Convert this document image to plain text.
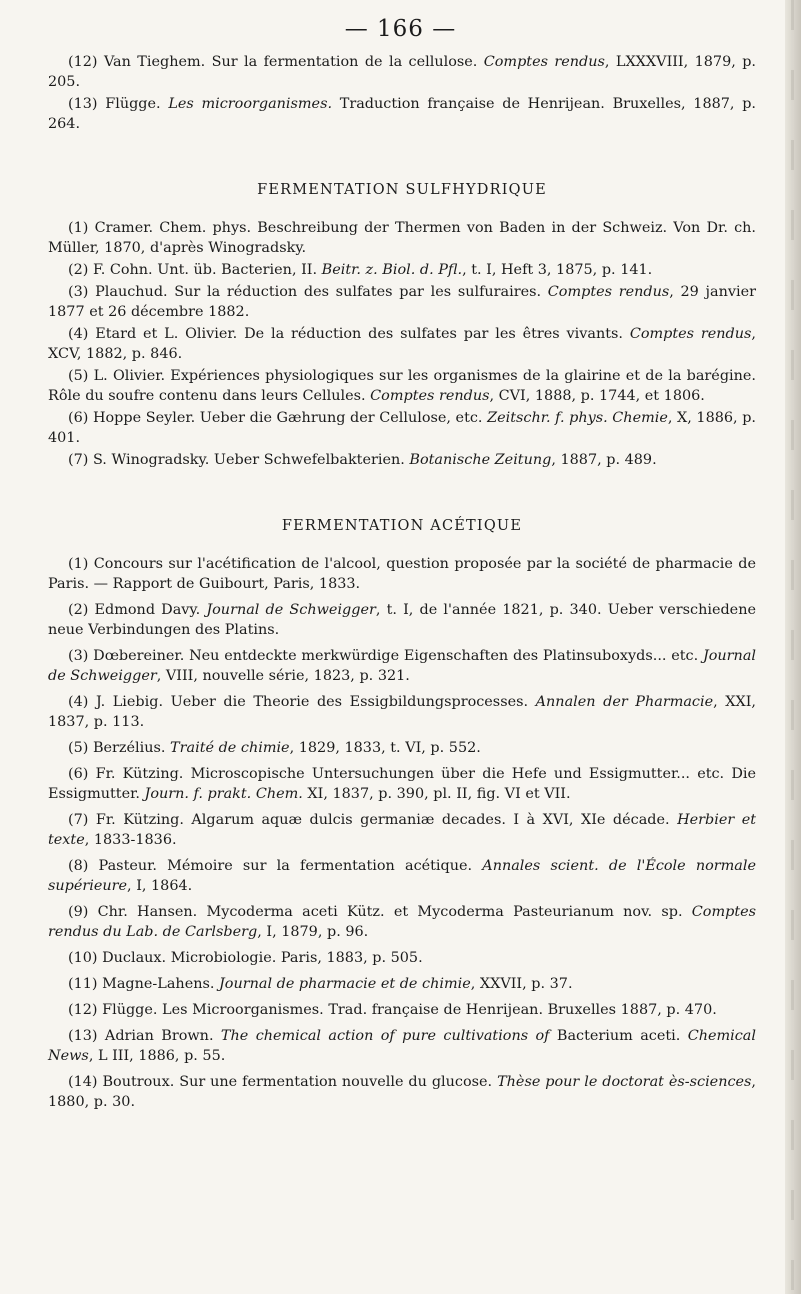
— 166 —

(12) Van Tieghem. Sur la fermentation de la cellulose. Comptes rendus, LXXXVIII, 1879, p. 205.

(13) Flügge. Les microorganismes. Traduction française de Henrijean. Bruxelles, 1887, p. 264.

FERMENTATION SULFHYDRIQUE

(1) Cramer. Chem. phys. Beschreibung der Thermen von Baden in der Schweiz. Von Dr. ch. Müller, 1870, d'après Winogradsky.

(2) F. Cohn. Unt. üb. Bacterien, II. Beitr. z. Biol. d. Pfl., t. I, Heft 3, 1875, p. 141.

(3) Plauchud. Sur la réduction des sulfates par les sulfuraires. Comptes rendus, 29 janvier 1877 et 26 décembre 1882.

(4) Etard et L. Olivier. De la réduction des sulfates par les êtres vivants. Comptes rendus, XCV, 1882, p. 846.

(5) L. Olivier. Expériences physiologiques sur les organismes de la glairine et de la barégine. Rôle du soufre contenu dans leurs Cellules. Comptes rendus, CVI, 1888, p. 1744, et 1806.

(6) Hoppe Seyler. Ueber die Gæhrung der Cellulose, etc. Zeitschr. f. phys. Chemie, X, 1886, p. 401.

(7) S. Winogradsky. Ueber Schwefelbakterien. Botanische Zeitung, 1887, p. 489.

FERMENTATION ACÉTIQUE

(1) Concours sur l'acétification de l'alcool, question proposée par la société de pharmacie de Paris. — Rapport de Guibourt, Paris, 1833.

(2) Edmond Davy. Journal de Schweigger, t. I, de l'année 1821, p. 340. Ueber verschiedene neue Verbindungen des Platins.

(3) Dœbereiner. Neu entdeckte merkwürdige Eigenschaften des Platinsuboxyds... etc. Journal de Schweigger, VIII, nouvelle série, 1823, p. 321.

(4) J. Liebig. Ueber die Theorie des Essigbildungsprocesses. Annalen der Pharmacie, XXI, 1837, p. 113.

(5) Berzélius. Traité de chimie, 1829, 1833, t. VI, p. 552.

(6) Fr. Kützing. Microscopische Untersuchungen über die Hefe und Essigmutter... etc. Die Essigmutter. Journ. f. prakt. Chem. XI, 1837, p. 390, pl. II, fig. VI et VII.

(7) Fr. Kützing. Algarum aquæ dulcis germaniæ decades. I à XVI, XIe décade. Herbier et texte, 1833-1836.

(8) Pasteur. Mémoire sur la fermentation acétique. Annales scient. de l'École normale supérieure, I, 1864.

(9) Chr. Hansen. Mycoderma aceti Kütz. et Mycoderma Pasteurianum nov. sp. Comptes rendus du Lab. de Carlsberg, I, 1879, p. 96.

(10) Duclaux. Microbiologie. Paris, 1883, p. 505.

(11) Magne-Lahens. Journal de pharmacie et de chimie, XXVII, p. 37.

(12) Flügge. Les Microorganismes. Trad. française de Henrijean. Bruxelles 1887, p. 470.

(13) Adrian Brown. The chemical action of pure cultivations of Bacterium aceti. Chemical News, L III, 1886, p. 55.

(14) Boutroux. Sur une fermentation nouvelle du glucose. Thèse pour le doctorat ès-sciences, 1880, p. 30.
